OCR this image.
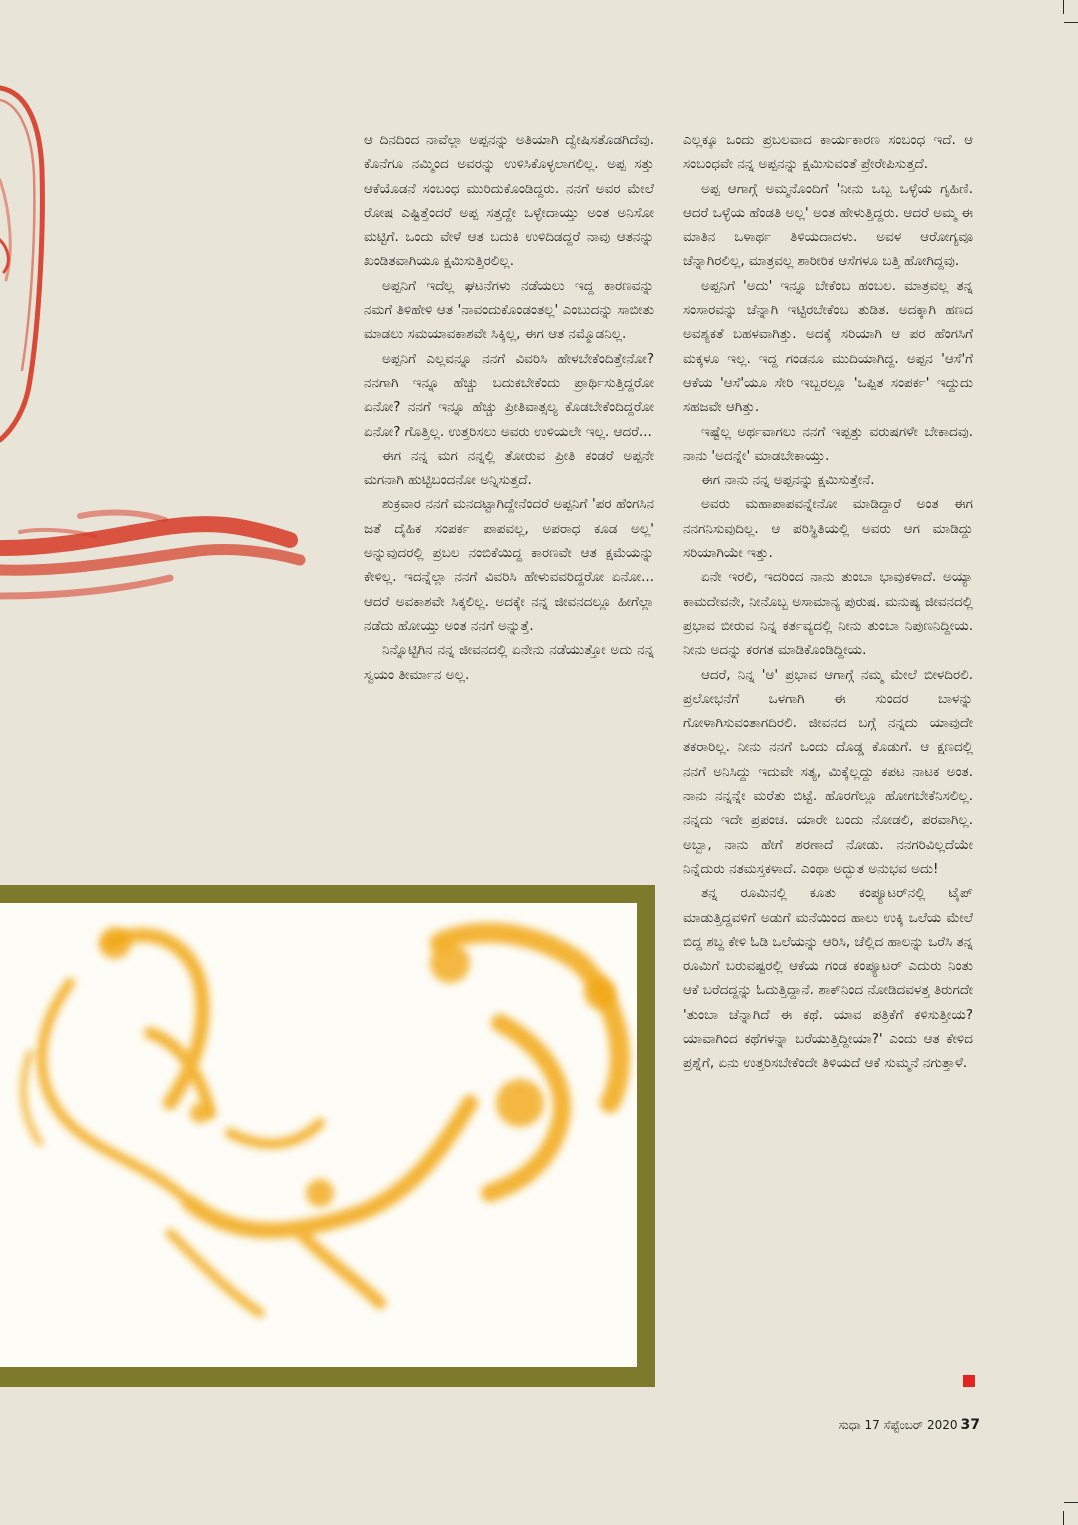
ಆ ದಿನದಿಂದ ನಾವೆಲ್ಲಾ ಅಪ್ಪನನ್ನು ಅತಿಯಾಗಿ ದ್ವೇಷಿಸತೊಡಗಿದೆವು. ಕೊನೆಗೂ ನಮ್ಮಿಂದ ಅವರನ್ನು ಉಳಿಸಿಕೊಳ್ಳಲಾಗಲಿಲ್ಲ. ಅಪ್ಪ ಸತ್ತು ಆಕೆಯೊಡನೆ ಸಂಬಂಧ ಮುರಿದುಕೊಂಡಿದ್ದರು. ನನಗೆ ಅವರ ಮೇಲೆ ರೋಷ ಎಷ್ಟಿತ್ತೆಂದರೆ ಅಪ್ಪ ಸತ್ತದ್ದೇ ಒಳ್ಳೇದಾಯ್ತು ಅಂತ ಅನಿಸೋ ಮಟ್ಟಿಗೆ. ಒಂದು ವೇಳೆ ಆತ ಬದುಕಿ ಉಳಿದಿಡದ್ದರೆ ನಾವು ಆತನನ್ನು ಖಂಡಿತವಾಗಿಯೂ ಕ್ಷಮಿಸುತ್ತಿರಲಿಲ್ಲ.

ಅಪ್ಪನಿಗೆ ಇದೆಲ್ಲ ಘಟನೆಗಳು ನಡೆಯಲು ಇದ್ದ ಕಾರಣವನ್ನು ನಮಗೆ ತಿಳಿಹೇಳಿ ಆತ 'ನಾವಂದುಕೊಂಡಂತಲ್ಲ' ಎಂಬುದನ್ನು ಸಾಬೀತು ಮಾಡಲು ಸಮಯಾವಕಾಶವೇ ಸಿಕ್ಕಿಲ್ಲ, ಈಗ ಆತ ನಮ್ಮೊಡನಿಲ್ಲ.

ಅಪ್ಪನಿಗೆ ಎಲ್ಲವನ್ನೂ ನನಗೆ ವಿವರಿಸಿ ಹೇಳಬೇಕೆಂದಿತ್ತೇನೋ? ನನಗಾಗಿ ಇನ್ನೂ ಹೆಚ್ಚು ಬದುಕಬೇಕೆಂದು ಪ್ರಾರ್ಥಿಸುತ್ತಿದ್ದರೋ ಏನೋ? ನನಗೆ ಇನ್ನೂ ಹೆಚ್ಚು ಪ್ರೀತಿವಾತ್ಸಲ್ಯ ಕೊಡಬೇಕೆಂದಿದ್ದರೋ ಏನೋ? ಗೊತ್ತಿಲ್ಲ. ಉತ್ತರಿಸಲು ಅವರು ಉಳಿಯಲೇ ಇಲ್ಲ. ಆದರೆ...

ಈಗ ನನ್ನ ಮಗ ನನ್ನಲ್ಲಿ ತೋರುವ ಪ್ರೀತಿ ಕಂಡರೆ ಅಪ್ಪನೇ ಮಗನಾಗಿ ಹುಟ್ಟಿಬಂದನೋ ಅನ್ನಿಸುತ್ತದೆ.

ಶುಕ್ರವಾರ ನನಗೆ ಮನದಟ್ಟಾಗಿದ್ದೇನೆಂದರೆ ಅಪ್ಪನಿಗೆ 'ಪರ ಹೆಂಗಸಿನ ಜತೆ ದೈಹಿಕ ಸಂಪರ್ಕ ಪಾಪವಲ್ಲ, ಅಪರಾಧ ಕೂಡ ಅಲ್ಲ' ಅನ್ನುವುದರಲ್ಲಿ ಪ್ರಬಲ ನಂಬಿಕೆಯಿದ್ದ ಕಾರಣವೇ ಆತ ಕ್ಷಮೆಯನ್ನು ಕೇಳಿಲ್ಲ. ಇದನ್ನೆಲ್ಲಾ ನನಗೆ ವಿವರಿಸಿ ಹೇಳುವವರಿದ್ದರೋ ಏನೋ... ಆದರೆ ಅವಕಾಶವೇ ಸಿಕ್ಕಲಿಲ್ಲ. ಅದಕ್ಕೇ ನನ್ನ ಜೀವನದಲ್ಲೂ ಹೀಗೆಲ್ಲಾ ನಡೆದು ಹೋಯ್ತು ಅಂತ ನನಗೆ ಅನ್ನುತ್ತೆ.

ನಿನ್ನೊಟ್ಟಿಗಿನ ನನ್ನ ಜೀವನದಲ್ಲಿ ಏನೇನು ನಡೆಯುತ್ತೋ ಅದು ನನ್ನ ಸ್ವಯಂ ತೀರ್ಮಾನ ಅಲ್ಲ.

ಎಲ್ಲಕ್ಕೂ ಒಂದು ಪ್ರಬಲವಾದ ಕಾರ್ಯಕಾರಣ ಸಂಬಂಧ ಇದೆ. ಆ ಸಂಬಂಧವೇ ನನ್ನ ಅಪ್ಪನನ್ನು ಕ್ಷಮಿಸುವಂತೆ ಪ್ರೇರೇಪಿಸುತ್ತದೆ.

ಅಪ್ಪ ಆಗಾಗ್ಗೆ ಅಮ್ಮನೊಂದಿಗೆ 'ನೀನು ಒಬ್ಬ ಒಳ್ಳೆಯ ಗೃಹಿಣಿ. ಆದರೆ ಒಳ್ಳೆಯ ಹೆಂಡತಿ ಅಲ್ಲ' ಅಂತ ಹೇಳುತ್ತಿದ್ದರು. ಆದರೆ ಅಮ್ಮ ಈ ಮಾತಿನ ಒಳಾರ್ಥ ತಿಳಿಯದಾದಳು. ಅವಳ ಆರೋಗ್ಯವೂ ಚೆನ್ನಾಗಿರಲಿಲ್ಲ, ಮಾತ್ರವಲ್ಲ ಶಾರೀರಿಕ ಆಸೆಗಳೂ ಬತ್ತಿ ಹೋಗಿದ್ದವು.

ಅಪ್ಪನಿಗೆ 'ಅದು' ಇನ್ನೂ ಬೇಕೆಂಬ ಹಂಬಲ. ಮಾತ್ರವಲ್ಲ ತನ್ನ ಸಂಸಾರವನ್ನು ಚೆನ್ನಾಗಿ ಇಟ್ಟಿರಬೇಕೆಂಬ ತುಡಿತ. ಅದಕ್ಕಾಗಿ ಹಣದ ಅವಶ್ಯಕತೆ ಬಹಳವಾಗಿತ್ತು. ಅದಕ್ಕೆ ಸರಿಯಾಗಿ ಆ ಪರ ಹೆಂಗಸಿಗೆ ಮಕ್ಕಳೂ ಇಲ್ಲ. ಇದ್ದ ಗಂಡನೂ ಮುದಿಯಾಗಿದ್ದ. ಅಪ್ಪನ 'ಆಸೆ'ಗೆ ಆಕೆಯ 'ಆಸೆ'ಯೂ ಸೇರಿ ಇಬ್ಬರಲ್ಲೂ 'ಒಪ್ಪಿತ ಸಂಪರ್ಕ' ಇದ್ದುದು ಸಹಜವೇ ಆಗಿತ್ತು.

ಇಷ್ಟೆಲ್ಲ ಅರ್ಥವಾಗಲು ನನಗೆ ಇಪ್ಪತ್ತು ವರುಷಗಳೇ ಬೇಕಾದವು. ನಾನು 'ಅದನ್ನೇ' ಮಾಡಬೇಕಾಯ್ತು.

ಈಗ ನಾನು ನನ್ನ ಅಪ್ಪನನ್ನು ಕ್ಷಮಿಸುತ್ತೇನೆ.

ಅವರು ಮಹಾಪಾಪವನ್ನೇನೋ ಮಾಡಿದ್ದಾರೆ ಅಂತ ಈಗ ನನಗನಿಸುವುದಿಲ್ಲ. ಆ ಪರಿಸ್ಥಿತಿಯಲ್ಲಿ ಅವರು ಆಗ ಮಾಡಿದ್ದು ಸರಿಯಾಗಿಯೇ ಇತ್ತು.

ಏನೇ ಇರಲಿ, ಇದರಿಂದ ನಾನು ತುಂಬಾ ಭಾವುಕಳಾದೆ. ಅಯ್ಯಾ ಕಾಮದೇವನೇ, ನೀನೊಬ್ಬ ಅಸಾಮಾನ್ಯ ಪುರುಷ. ಮನುಷ್ಯ ಜೀವನದಲ್ಲಿ ಪ್ರಭಾವ ಬೀರುವ ನಿನ್ನ ಕರ್ತವ್ಯದಲ್ಲಿ ನೀನು ತುಂಬಾ ನಿಪುಣನಿದ್ದೀಯ. ನೀನು ಅದನ್ನು ಕರಗತ ಮಾಡಿಕೊಂಡಿದ್ದೀಯ.

ಆದರೆ, ನಿನ್ನ 'ಆ' ಪ್ರಭಾವ ಆಗಾಗ್ಗೆ ನಮ್ಮ ಮೇಲೆ ಬೀಳದಿರಲಿ. ಪ್ರಲೋಭನೆಗೆ ಒಳಗಾಗಿ ಈ ಸುಂದರ ಬಾಳನ್ನು ಗೋಳಾಗಿಸುವಂತಾಗದಿರಲಿ. ಜೀವನದ ಬಗ್ಗೆ ನನ್ನದು ಯಾವುದೇ ತಕರಾರಿಲ್ಲ. ನೀನು ನನಗೆ ಒಂದು ದೊಡ್ಡ ಕೊಡುಗೆ. ಆ ಕ್ಷಣದಲ್ಲಿ ನನಗೆ ಅನಿಸಿದ್ದು ಇದುವೇ ಸತ್ಯ, ಮಿಕ್ಕೆಲ್ಲದ್ದು ಕಪಟ ನಾಟಕ ಅಂತ. ನಾನು ನನ್ನನ್ನೇ ಮರೆತು ಬಿಟ್ಟೆ. ಹೊರಗೆಲ್ಲೂ ಹೋಗಬೇಕೆನಿಸಲಿಲ್ಲ. ನನ್ನದು ಇದೇ ಪ್ರಪಂಚ. ಯಾರೇ ಬಂದು ನೋಡಲಿ, ಪರವಾಗಿಲ್ಲ. ಅಬ್ಬಾ, ನಾನು ಹೇಗೆ ಶರಣಾದೆ ನೋಡು. ನನಗರಿವಿಲ್ಲದೆಯೇ ನಿನ್ನೆದುರು ನತಮಸ್ತಕಳಾದೆ. ಎಂಥಾ ಅದ್ಭುತ ಅನುಭವ ಅದು!

ತನ್ನ ರೂಮಿನಲ್ಲಿ ಕೂತು ಕಂಪ್ಯೂಟರ್‌ನಲ್ಲಿ ಟೈಪ್ ಮಾಡುತ್ತಿದ್ದವಳಿಗೆ ಅಡುಗೆ ಮನೆಯಿಂದ ಹಾಲು ಉಕ್ಕಿ ಒಲೆಯ ಮೇಲೆ ಬಿದ್ದ ಶಬ್ದ ಕೇಳಿ ಓಡಿ ಒಲೆಯನ್ನು ಆರಿಸಿ, ಚೆಲ್ಲಿದ ಹಾಲನ್ನು ಒರೆಸಿ ತನ್ನ ರೂಮಿಗೆ ಬರುವಷ್ಟರಲ್ಲಿ ಆಕೆಯ ಗಂಡ ಕಂಪ್ಯೂಟರ್ ಎದುರು ನಿಂತು ಆಕೆ ಬರೆದದ್ದನ್ನು ಓದುತ್ತಿದ್ದಾನೆ. ಶಾಕ್‌ನಿಂದ ನೋಡಿದವಳತ್ತ ತಿರುಗದೇ 'ತುಂಬಾ ಚೆನ್ನಾಗಿದೆ ಈ ಕಥೆ. ಯಾವ ಪತ್ರಿಕೆಗೆ ಕಳಿಸುತ್ತೀಯ? ಯಾವಾಗಿಂದ ಕಥೆಗಳನ್ನಾ ಬರೆಯುತ್ತಿದ್ದೀಯಾ?' ಎಂದು ಆತ ಕೇಳಿದ ಪ್ರಶ್ನೆಗೆ, ಏನು ಉತ್ತರಿಸಬೇಕೆಂದೇ ತಿಳಿಯದೆ ಆಕೆ ಸುಮ್ಮನೆ ನಗುತ್ತಾಳೆ.

ಸುಧಾ 17 ಸೆಪ್ಟೆಂಬರ್ 2020 37
